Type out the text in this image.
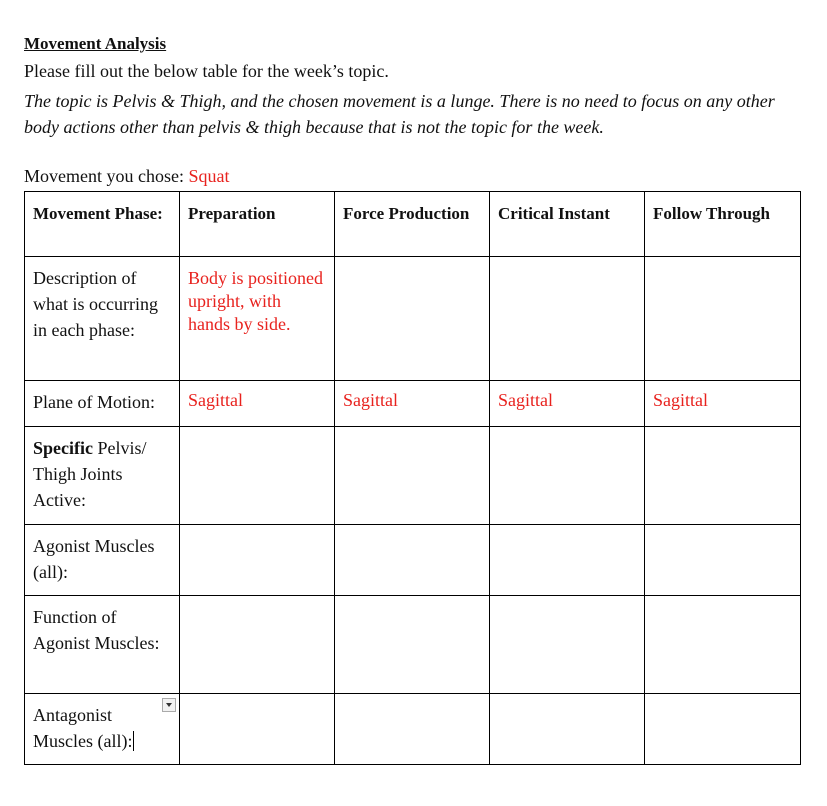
Movement Analysis
Please fill out the below table for the week’s topic.
The topic is Pelvis & Thigh, and the chosen movement is a lunge. There is no need to focus on any other body actions other than pelvis & thigh because that is not the topic for the week.
Movement you chose: Squat
Movement Phase:	Preparation	Force Production	Critical Instant	Follow Through
Description of what is occurring in each phase:	Body is positioned upright, with hands by side.			
Plane of Motion:	Sagittal	Sagittal	Sagittal	Sagittal
Specific Pelvis/ Thigh Joints Active:				
Agonist Muscles (all):				
Function of Agonist Muscles:				
Antagonist Muscles (all):				
